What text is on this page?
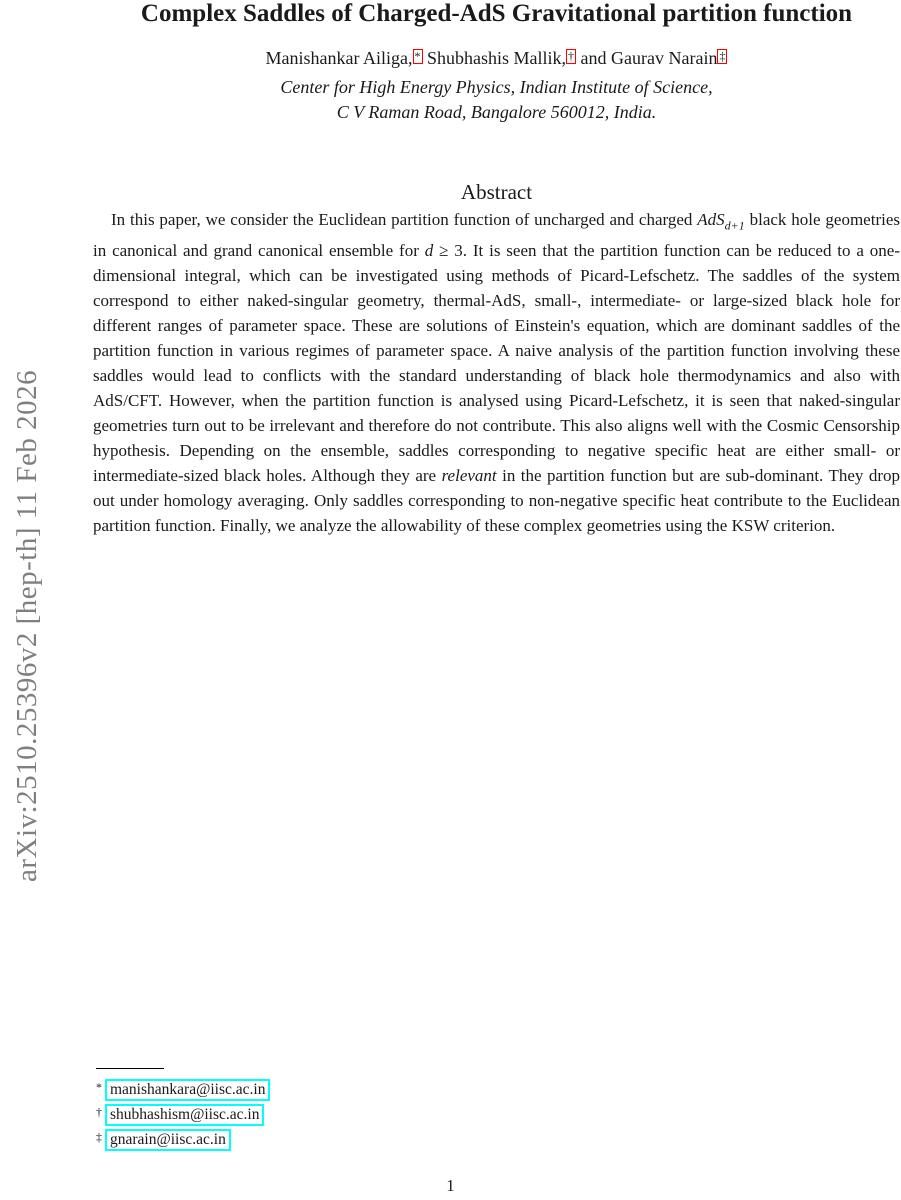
arXiv:2510.25396v2 [hep-th] 11 Feb 2026
Complex Saddles of Charged-AdS Gravitational partition function
Manishankar Ailiga, * Shubhashis Mallik, † and Gaurav Narain ‡
Center for High Energy Physics, Indian Institute of Science,
C V Raman Road, Bangalore 560012, India.
Abstract

In this paper, we consider the Euclidean partition function of uncharged and charged AdS$_{d+1}$ black hole geometries in canonical and grand canonical ensemble for d ≥ 3. It is seen that the partition function can be reduced to a one-dimensional integral, which can be investigated using methods of Picard-Lefschetz. The saddles of the system correspond to either naked-singular geometry, thermal-AdS, small-, intermediate- or large-sized black hole for different ranges of parameter space. These are solutions of Einstein's equation, which are dominant saddles of the partition function in various regimes of parameter space. A naive analysis of the partition function involving these saddles would lead to conflicts with the standard understanding of black hole thermodynamics and also with AdS/CFT. However, when the partition function is analysed using Picard-Lefschetz, it is seen that naked-singular geometries turn out to be irrelevant and therefore do not contribute. This also aligns well with the Cosmic Censorship hypothesis. Depending on the ensemble, saddles corresponding to negative specific heat are either small- or intermediate-sized black holes. Although they are relevant in the partition function but are sub-dominant. They drop out under homology averaging. Only saddles corresponding to non-negative specific heat contribute to the Euclidean partition function. Finally, we analyze the allowability of these complex geometries using the KSW criterion.

* manishankara@iisc.ac.in
† shubhashism@iisc.ac.in
‡ gnarain@iisc.ac.in
1
